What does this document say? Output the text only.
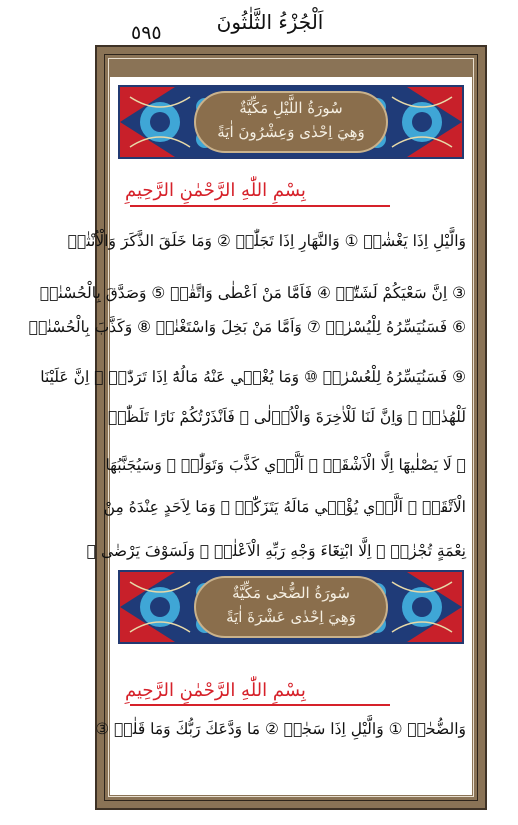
٥٩٥	اَلْجُزْءُ الثَّلٰثُونَ
سُورَةُ اللَّيْلِ مَكِّيَّةٌ
وَهِيَ اِحْدٰى وَعِشْرُونَ اٰيَةً
بِسْمِ اللّٰهِ الرَّحْمٰنِ الرَّحِيمِ
وَالَّيْلِ اِذَا يَغْشٰىۙ ① وَالنَّهَارِ اِذَا تَجَلّٰىۙ ② وَمَا خَلَقَ الذَّكَرَ وَالْاُنْثٰىۙ
③ اِنَّ سَعْيَكُمْ لَشَتّٰىۜ ④ فَاَمَّا مَنْ اَعْطٰى وَاتَّقٰىۙ ⑤ وَصَدَّقَ بِالْحُسْنٰىۙ
⑥ فَسَنُيَسِّرُهُ لِلْيُسْرٰىۜ ⑦ وَاَمَّا مَنْ بَخِلَ وَاسْتَغْنٰىۙ ⑧ وَكَذَّبَ بِالْحُسْنٰىۙ
⑨ فَسَنُيَسِّرُهُ لِلْعُسْرٰىۜ ⑩ وَمَا يُغْن۪ي عَنْهُ مَالُهُٓ اِذَا تَرَدّٰىۜ ⑪ اِنَّ عَلَيْنَا
لَلْهُدٰىۘ ⑫ وَاِنَّ لَنَا لَلْاٰخِرَةَ وَالْاُو۫لٰى ⑬ فَاَنْذَرْتُكُمْ نَارًا تَلَظّٰىۚ
⑭ لَا يَصْلٰيهَٓا اِلَّا الْاَشْقَىۙ ⑮ اَلَّذ۪ي كَذَّبَ وَتَوَلّٰىۜ ⑯ وَسَيُجَنَّبُهَا
الْاَتْقَىۙ ⑰ اَلَّذ۪ي يُؤْت۪ي مَالَهُ يَتَزَكّٰىۚ ⑱ وَمَا لِاَحَدٍ عِنْدَهُ مِنْ
نِعْمَةٍ تُجْزٰىۙ ⑲ اِلَّا ابْتِغَٓاءَ وَجْهِ رَبِّهِ الْاَعْلٰىۚ ⑳ وَلَسَوْفَ يَرْضٰى ㉑
سُورَةُ الضُّحٰى مَكِّيَّةٌ
وَهِيَ اِحْدٰى عَشْرَةَ اٰيَةً
بِسْمِ اللّٰهِ الرَّحْمٰنِ الرَّحِيمِ
وَالضُّحٰىۙ ① وَالَّيْلِ اِذَا سَجٰىۙ ② مَا وَدَّعَكَ رَبُّكَ وَمَا قَلٰىۜ ③
